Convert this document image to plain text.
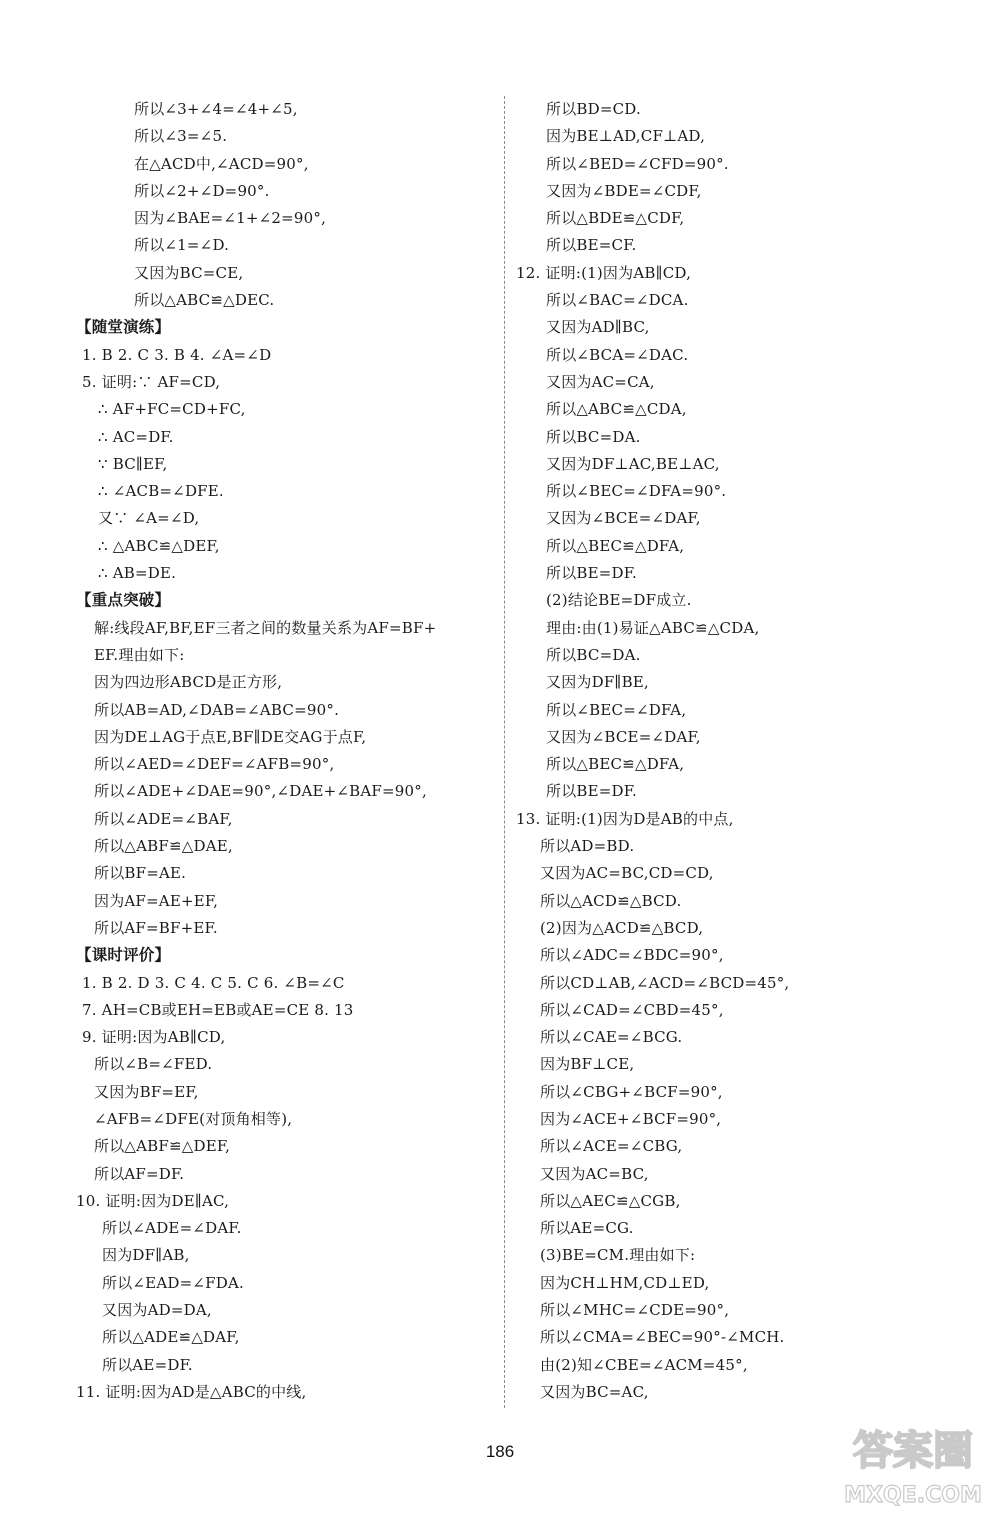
所以∠3+∠4=∠4+∠5,
所以∠3=∠5.
在△ACD中,∠ACD=90°,
所以∠2+∠D=90°.
因为∠BAE=∠1+∠2=90°,
所以∠1=∠D.
又因为BC=CE,
所以△ABC≌△DEC.
【随堂演练】
1. B 2. C 3. B 4. ∠A=∠D
5. 证明:∵ AF=CD,
∴ AF+FC=CD+FC,
∴ AC=DF.
∵ BC∥EF,
∴ ∠ACB=∠DFE.
又∵ ∠A=∠D,
∴ △ABC≌△DEF,
∴ AB=DE.
【重点突破】
解:线段AF,BF,EF三者之间的数量关系为AF=BF+
EF.理由如下:
因为四边形ABCD是正方形,
所以AB=AD,∠DAB=∠ABC=90°.
因为DE⊥AG于点E,BF∥DE交AG于点F,
所以∠AED=∠DEF=∠AFB=90°,
所以∠ADE+∠DAE=90°,∠DAE+∠BAF=90°,
所以∠ADE=∠BAF,
所以△ABF≌△DAE,
所以BF=AE.
因为AF=AE+EF,
所以AF=BF+EF.
【课时评价】
1. B 2. D 3. C 4. C 5. C 6. ∠B=∠C
7. AH=CB或EH=EB或AE=CE 8. 13
9. 证明:因为AB∥CD,
所以∠B=∠FED.
又因为BF=EF,
∠AFB=∠DFE(对顶角相等),
所以△ABF≌△DEF,
所以AF=DF.
10. 证明:因为DE∥AC,
所以∠ADE=∠DAF.
因为DF∥AB,
所以∠EAD=∠FDA.
又因为AD=DA,
所以△ADE≌△DAF,
所以AE=DF.
11. 证明:因为AD是△ABC的中线,
所以BD=CD.
因为BE⊥AD,CF⊥AD,
所以∠BED=∠CFD=90°.
又因为∠BDE=∠CDF,
所以△BDE≌△CDF,
所以BE=CF.
12. 证明:(1)因为AB∥CD,
所以∠BAC=∠DCA.
又因为AD∥BC,
所以∠BCA=∠DAC.
又因为AC=CA,
所以△ABC≌△CDA,
所以BC=DA.
又因为DF⊥AC,BE⊥AC,
所以∠BEC=∠DFA=90°.
又因为∠BCE=∠DAF,
所以△BEC≌△DFA,
所以BE=DF.
(2)结论BE=DF成立.
理由:由(1)易证△ABC≌△CDA,
所以BC=DA.
又因为DF∥BE,
所以∠BEC=∠DFA,
又因为∠BCE=∠DAF,
所以△BEC≌△DFA,
所以BE=DF.
13. 证明:(1)因为D是AB的中点,
所以AD=BD.
又因为AC=BC,CD=CD,
所以△ACD≌△BCD.
(2)因为△ACD≌△BCD,
所以∠ADC=∠BDC=90°,
所以CD⊥AB,∠ACD=∠BCD=45°,
所以∠CAD=∠CBD=45°,
所以∠CAE=∠BCG.
因为BF⊥CE,
所以∠CBG+∠BCF=90°,
因为∠ACE+∠BCF=90°,
所以∠ACE=∠CBG,
又因为AC=BC,
所以△AEC≌△CGB,
所以AE=CG.
(3)BE=CM.理由如下:
因为CH⊥HM,CD⊥ED,
所以∠MHC=∠CDE=90°,
所以∠CMA=∠BEC=90°-∠MCH.
由(2)知∠CBE=∠ACM=45°,
又因为BC=AC,
186	答案圈
MXQE.COM
